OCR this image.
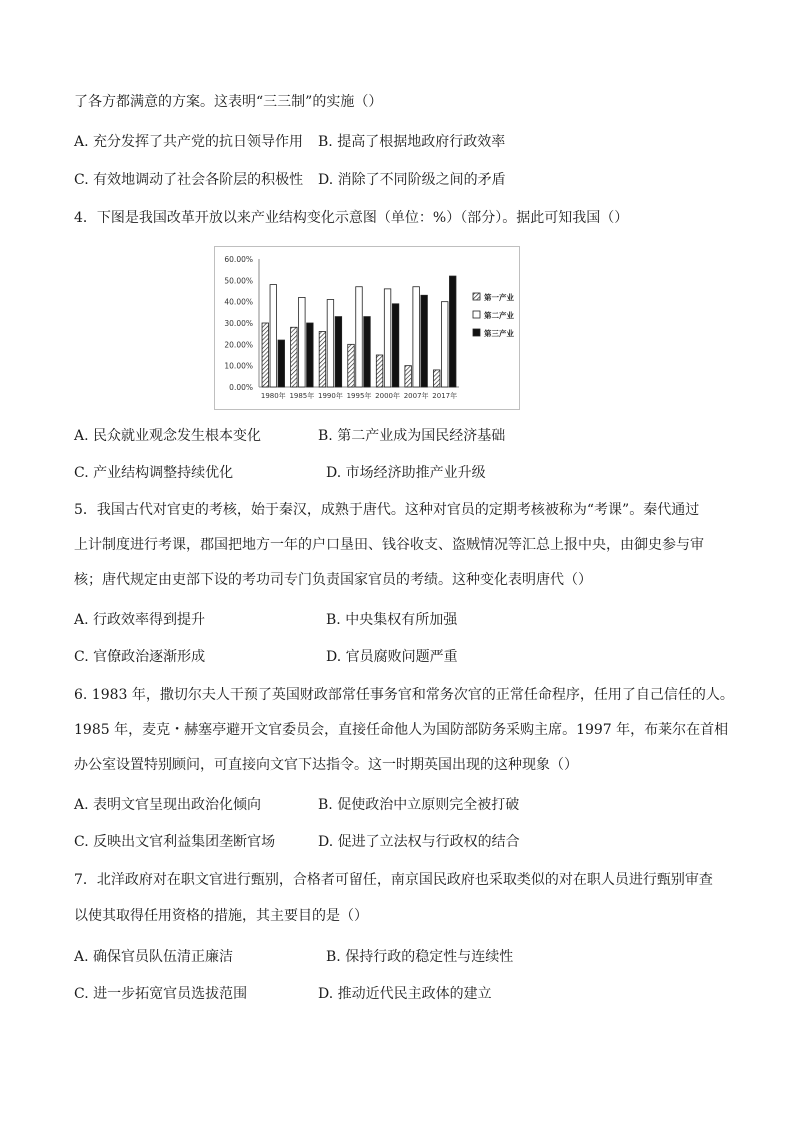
了各方都满意的方案。这表明“三三制”的实施（）
A. 充分发挥了共产党的抗日领导作用 B. 提高了根据地政府行政效率
C. 有效地调动了社会各阶层的积极性 D. 消除了不同阶级之间的矛盾
4．下图是我国改革开放以来产业结构变化示意图（单位：%）（部分）。据此可知我国（）
0.00%
10.00%
20.00%
30.00%
40.00%
50.00%
60.00%
1980年 1985年 1990年 1995年 2000年 2007年 2017年
第一产业
第二产业
第三产业
A. 民众就业观念发生根本变化	B. 第二产业成为国民经济基础
C. 产业结构调整持续优化	D. 市场经济助推产业升级
5．我国古代对官吏的考核，始于秦汉，成熟于唐代。这种对官员的定期考核被称为“考课”。秦代通过
上计制度进行考课，郡国把地方一年的户口垦田、钱谷收支、盗贼情况等汇总上报中央，由御史参与审
核；唐代规定由吏部下设的考功司专门负责国家官员的考绩。这种变化表明唐代（）
A. 行政效率得到提升	B. 中央集权有所加强
C. 官僚政治逐渐形成	D. 官员腐败问题严重
6. 1983 年，撒切尔夫人干预了英国财政部常任事务官和常务次官的正常任命程序，任用了自己信任的人。
1985 年，麦克・赫塞亭避开文官委员会，直接任命他人为国防部防务采购主席。1997 年，布莱尔在首相
办公室设置特别顾问，可直接向文官下达指令。这一时期英国出现的这种现象（）
A. 表明文官呈现出政治化倾向	B. 促使政治中立原则完全被打破
C. 反映出文官利益集团垄断官场	D. 促进了立法权与行政权的结合
7．北洋政府对在职文官进行甄别，合格者可留任，南京国民政府也采取类似的对在职人员进行甄别审查
以使其取得任用资格的措施，其主要目的是（）
A. 确保官员队伍清正廉洁	B. 保持行政的稳定性与连续性
C. 进一步拓宽官员选拔范围	D. 推动近代民主政体的建立
